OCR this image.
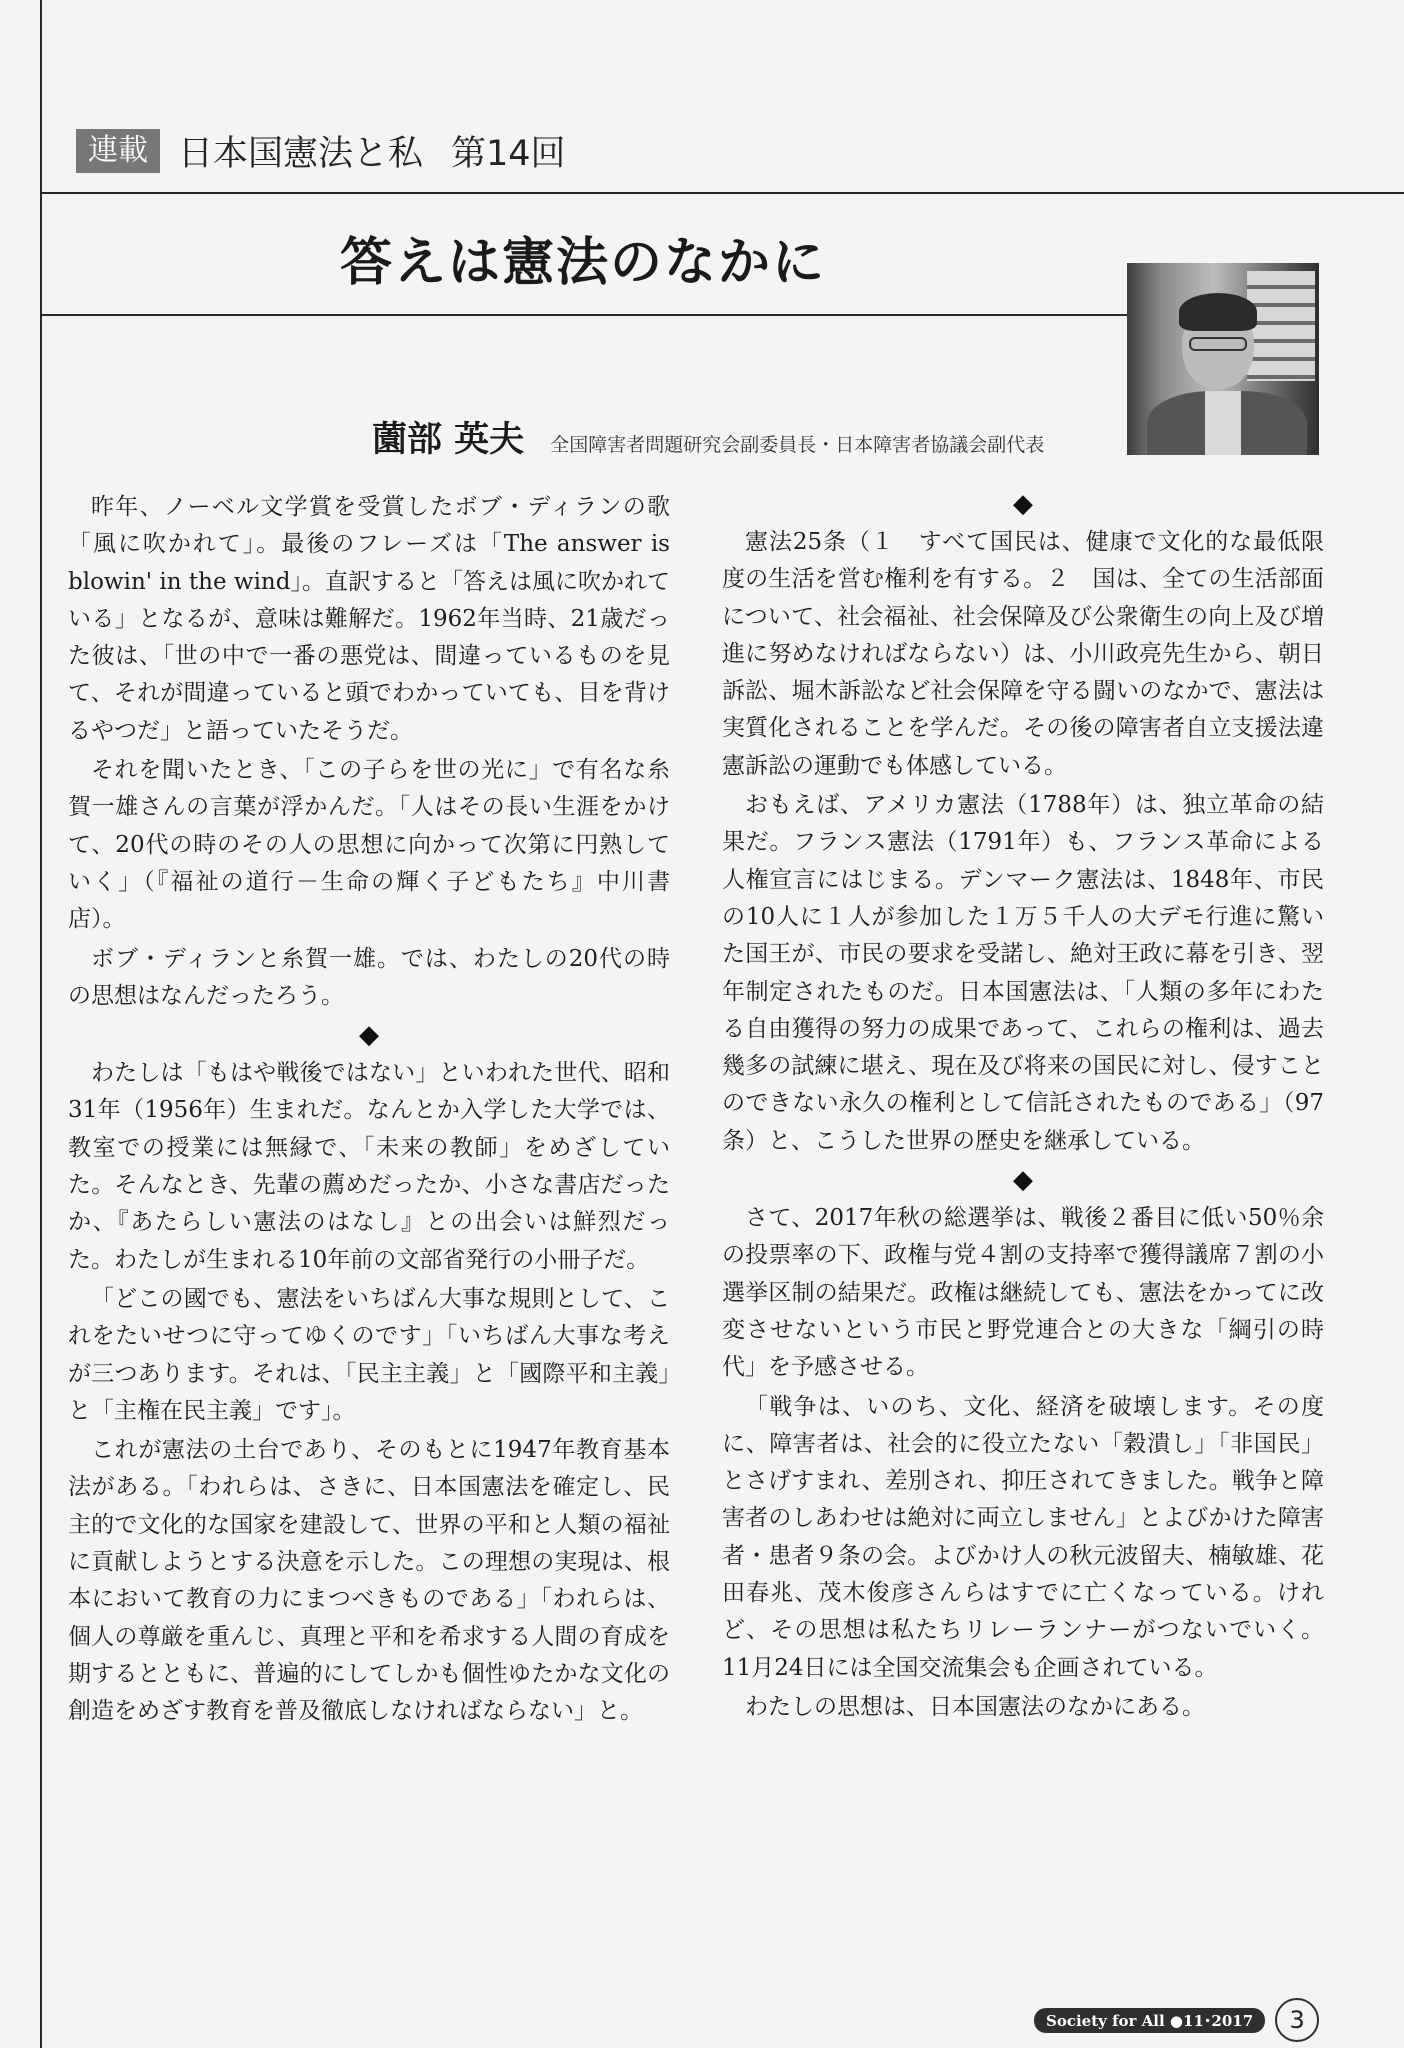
連載 日本国憲法と私 第14回
答えは憲法のなかに
薗部 英夫 全国障害者問題研究会副委員長・日本障害者協議会副代表

昨年、ノーベル文学賞を受賞したボブ・ディランの歌「風に吹かれて」。最後のフレーズは「The answer is blowin' in the wind」。直訳すると「答えは風に吹かれている」となるが、意味は難解だ。1962年当時、21歳だった彼は、「世の中で一番の悪党は、間違っているものを見て、それが間違っていると頭でわかっていても、目を背けるやつだ」と語っていたそうだ。

それを聞いたとき、「この子らを世の光に」で有名な糸賀一雄さんの言葉が浮かんだ。「人はその長い生涯をかけて、20代の時のその人の思想に向かって次第に円熟していく」（『福祉の道行－生命の輝く子どもたち』中川書店）。

ボブ・ディランと糸賀一雄。では、わたしの20代の時の思想はなんだったろう。

◆

わたしは「もはや戦後ではない」といわれた世代、昭和31年（1956年）生まれだ。なんとか入学した大学では、教室での授業には無縁で、「未来の教師」をめざしていた。そんなとき、先輩の薦めだったか、小さな書店だったか、『あたらしい憲法のはなし』との出会いは鮮烈だった。わたしが生まれる10年前の文部省発行の小冊子だ。

「どこの國でも、憲法をいちばん大事な規則として、これをたいせつに守ってゆくのです」「いちばん大事な考えが三つあります。それは、「民主主義」と「國際平和主義」と「主権在民主義」です」。

これが憲法の土台であり、そのもとに1947年教育基本法がある。「われらは、さきに、日本国憲法を確定し、民主的で文化的な国家を建設して、世界の平和と人類の福祉に貢献しようとする決意を示した。この理想の実現は、根本において教育の力にまつべきものである」「われらは、個人の尊厳を重んじ、真理と平和を希求する人間の育成を期するとともに、普遍的にしてしかも個性ゆたかな文化の創造をめざす教育を普及徹底しなければならない」と。

◆

憲法25条（１　すべて国民は、健康で文化的な最低限度の生活を営む権利を有する。２　国は、全ての生活部面について、社会福祉、社会保障及び公衆衛生の向上及び増進に努めなければならない）は、小川政亮先生から、朝日訴訟、堀木訴訟など社会保障を守る闘いのなかで、憲法は実質化されることを学んだ。その後の障害者自立支援法違憲訴訟の運動でも体感している。

おもえば、アメリカ憲法（1788年）は、独立革命の結果だ。フランス憲法（1791年）も、フランス革命による人権宣言にはじまる。デンマーク憲法は、1848年、市民の10人に１人が参加した１万５千人の大デモ行進に驚いた国王が、市民の要求を受諾し、絶対王政に幕を引き、翌年制定されたものだ。日本国憲法は、「人類の多年にわたる自由獲得の努力の成果であって、これらの権利は、過去幾多の試練に堪え、現在及び将来の国民に対し、侵すことのできない永久の権利として信託されたものである」（97条）と、こうした世界の歴史を継承している。

◆

さて、2017年秋の総選挙は、戦後２番目に低い50％余の投票率の下、政権与党４割の支持率で獲得議席７割の小選挙区制の結果だ。政権は継続しても、憲法をかってに改変させないという市民と野党連合との大きな「綱引の時代」を予感させる。

「戦争は、いのち、文化、経済を破壊します。その度に、障害者は、社会的に役立たない「穀潰し」「非国民」とさげすまれ、差別され、抑圧されてきました。戦争と障害者のしあわせは絶対に両立しません」とよびかけた障害者・患者９条の会。よびかけ人の秋元波留夫、楠敏雄、花田春兆、茂木俊彦さんらはすでに亡くなっている。けれど、その思想は私たちリレーランナーがつないでいく。11月24日には全国交流集会も企画されている。

わたしの思想は、日本国憲法のなかにある。

Society for All ●11･2017	3
